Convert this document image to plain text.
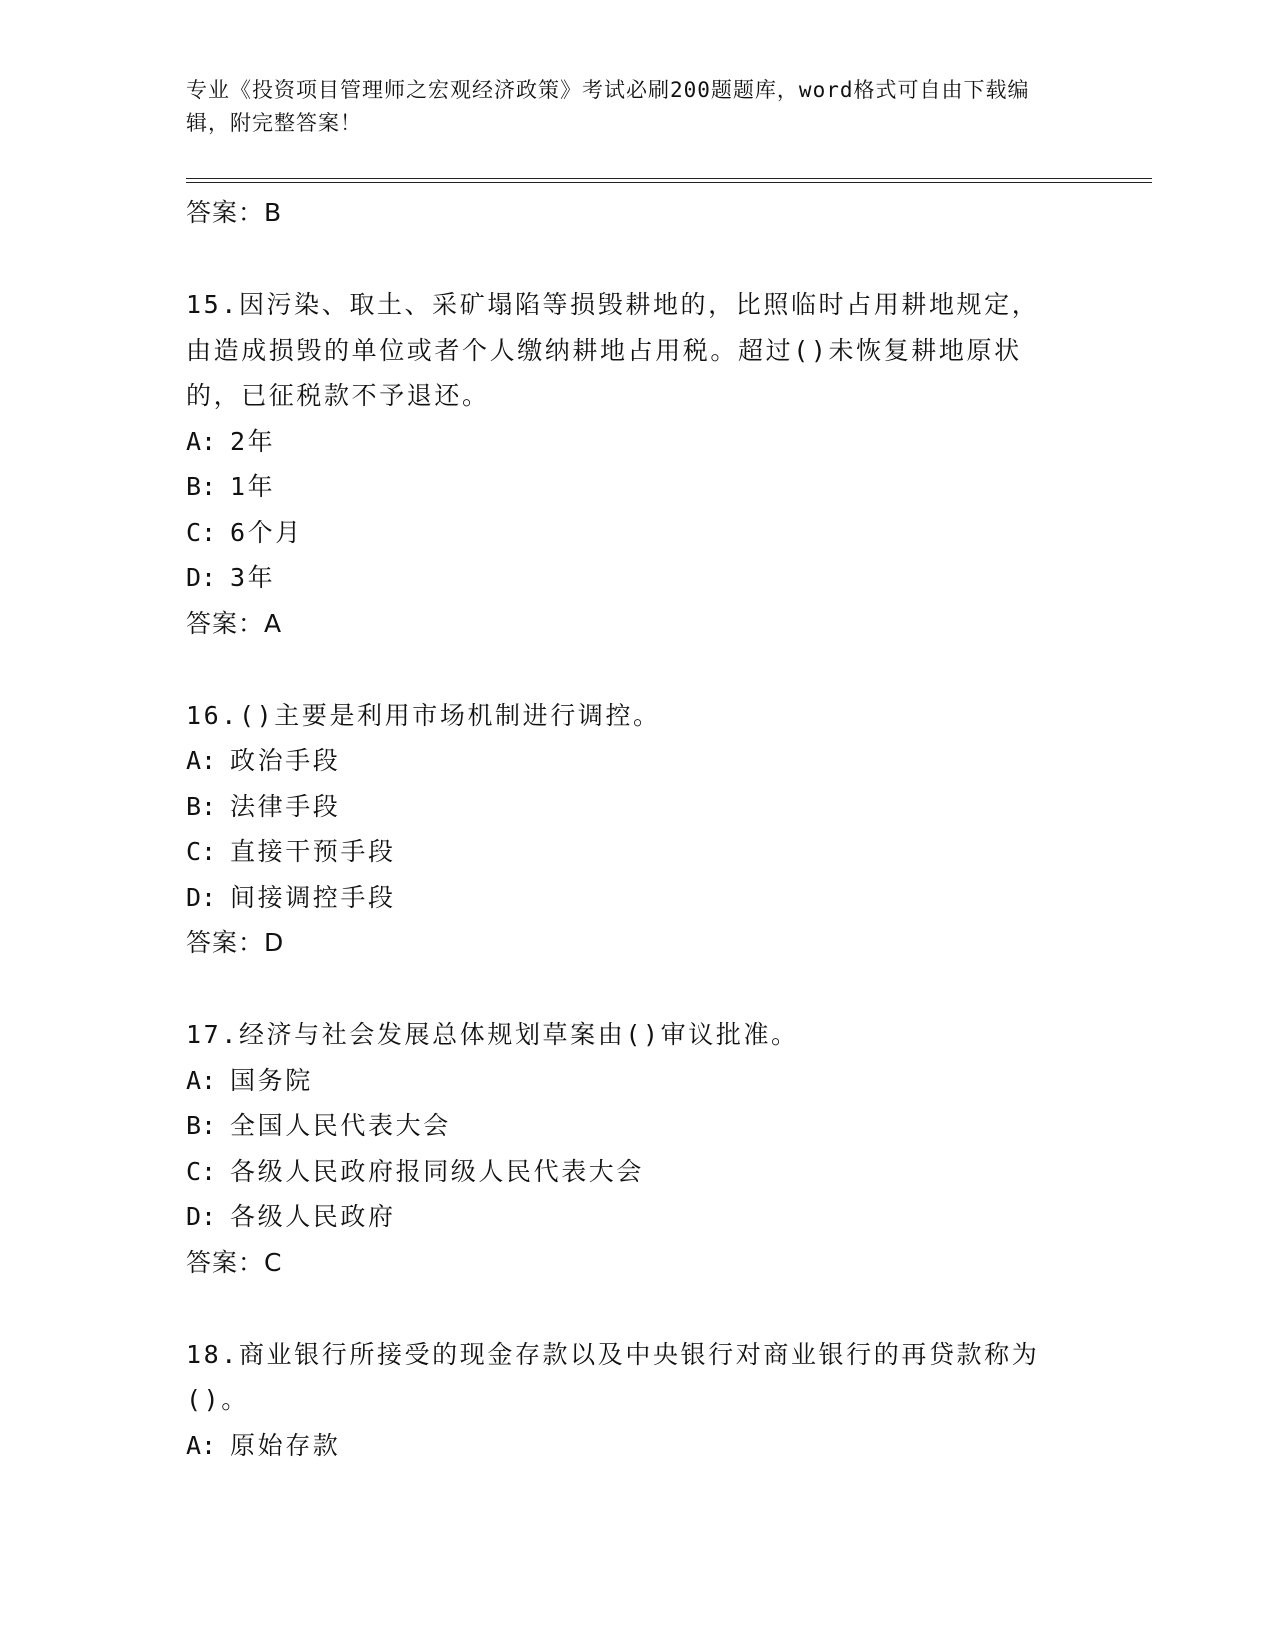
专业《投资项目管理师之宏观经济政策》考试必刷200题题库，word格式可自由下载编辑，附完整答案！
答案：B
15.因污染、取土、采矿塌陷等损毁耕地的，比照临时占用耕地规定，由造成损毁的单位或者个人缴纳耕地占用税。超过()未恢复耕地原状的，已征税款不予退还。
A: 2年
B: 1年
C: 6个月
D: 3年
答案：A
16.()主要是利用市场机制进行调控。
A: 政治手段
B: 法律手段
C: 直接干预手段
D: 间接调控手段
答案：D
17.经济与社会发展总体规划草案由()审议批准。
A: 国务院
B: 全国人民代表大会
C: 各级人民政府报同级人民代表大会
D: 各级人民政府
答案：C
18.商业银行所接受的现金存款以及中央银行对商业银行的再贷款称为()。
A: 原始存款
